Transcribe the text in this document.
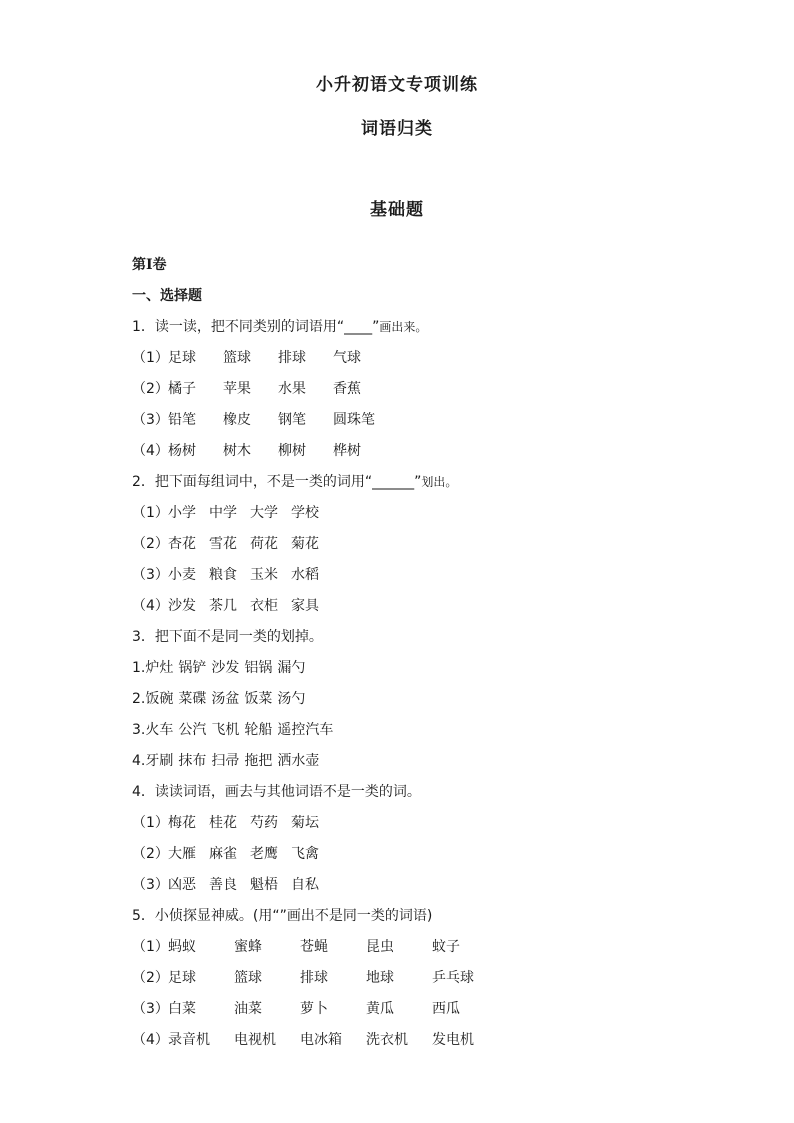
小升初语文专项训练
词语归类
基础题
第I卷
一、选择题
1．读一读，把不同类别的词语用“____”画出来。
（1）足球 篮球 排球 气球
（2）橘子 苹果 水果 香蕉
（3）铅笔 橡皮 钢笔 圆珠笔
（4）杨树 树木 柳树 桦树
2．把下面每组词中，不是一类的词用“______”划出。
（1）小学 中学 大学 学校
（2）杏花 雪花 荷花 菊花
（3）小麦 粮食 玉米 水稻
（4）沙发 茶几 衣柜 家具
3．把下面不是同一类的划掉。
1.炉灶 锅铲 沙发 铝锅 漏勺
2.饭碗 菜碟 汤盆 饭菜 汤勺
3.火车 公汽 飞机 轮船 遥控汽车
4.牙刷 抹布 扫帚 拖把 洒水壶
4．读读词语，画去与其他词语不是一类的词。
（1）梅花 桂花 芍药 菊坛
（2）大雁 麻雀 老鹰 飞禽
（3）凶恶 善良 魁梧 自私
5．小侦探显神威。(用“”画出不是同一类的词语)
（1）蚂蚁	蜜蜂	苍蝇	昆虫	蚊子
（2）足球	篮球	排球	地球	乒乓球
（3）白菜	油菜	萝卜	黄瓜	西瓜
（4）录音机 电视机 电冰箱 洗衣机 发电机
